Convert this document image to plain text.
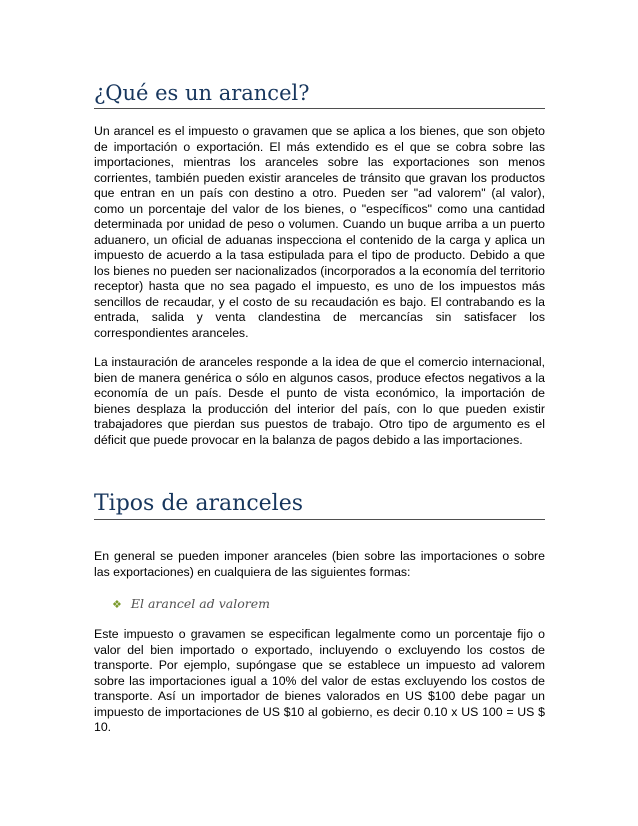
¿Qué es un arancel?

Un arancel es el impuesto o gravamen que se aplica a los bienes, que son objeto de importación o exportación. El más extendido es el que se cobra sobre las importaciones, mientras los aranceles sobre las exportaciones son menos corrientes, también pueden existir aranceles de tránsito que gravan los productos que entran en un país con destino a otro. Pueden ser "ad valorem" (al valor), como un porcentaje del valor de los bienes, o "específicos" como una cantidad determinada por unidad de peso o volumen. Cuando un buque arriba a un puerto aduanero, un oficial de aduanas inspecciona el contenido de la carga y aplica un impuesto de acuerdo a la tasa estipulada para el tipo de producto. Debido a que los bienes no pueden ser nacionalizados (incorporados a la economía del territorio receptor) hasta que no sea pagado el impuesto, es uno de los impuestos más sencillos de recaudar, y el costo de su recaudación es bajo. El contrabando es la entrada, salida y venta clandestina de mercancías sin satisfacer los correspondientes aranceles.

La instauración de aranceles responde a la idea de que el comercio internacional, bien de manera genérica o sólo en algunos casos, produce efectos negativos a la economía de un país. Desde el punto de vista económico, la importación de bienes desplaza la producción del interior del país, con lo que pueden existir trabajadores que pierdan sus puestos de trabajo. Otro tipo de argumento es el déficit que puede provocar en la balanza de pagos debido a las importaciones.

Tipos de aranceles

En general se pueden imponer aranceles (bien sobre las importaciones o sobre las exportaciones) en cualquiera de las siguientes formas:

❖ El arancel ad valorem

Este impuesto o gravamen se especifican legalmente como un porcentaje fijo o valor del bien importado o exportado, incluyendo o excluyendo los costos de transporte. Por ejemplo, supóngase que se establece un impuesto ad valorem sobre las importaciones igual a 10% del valor de estas excluyendo los costos de transporte. Así un importador de bienes valorados en US $100 debe pagar un impuesto de importaciones de US $10 al gobierno, es decir 0.10 x US 100 = US $ 10.
